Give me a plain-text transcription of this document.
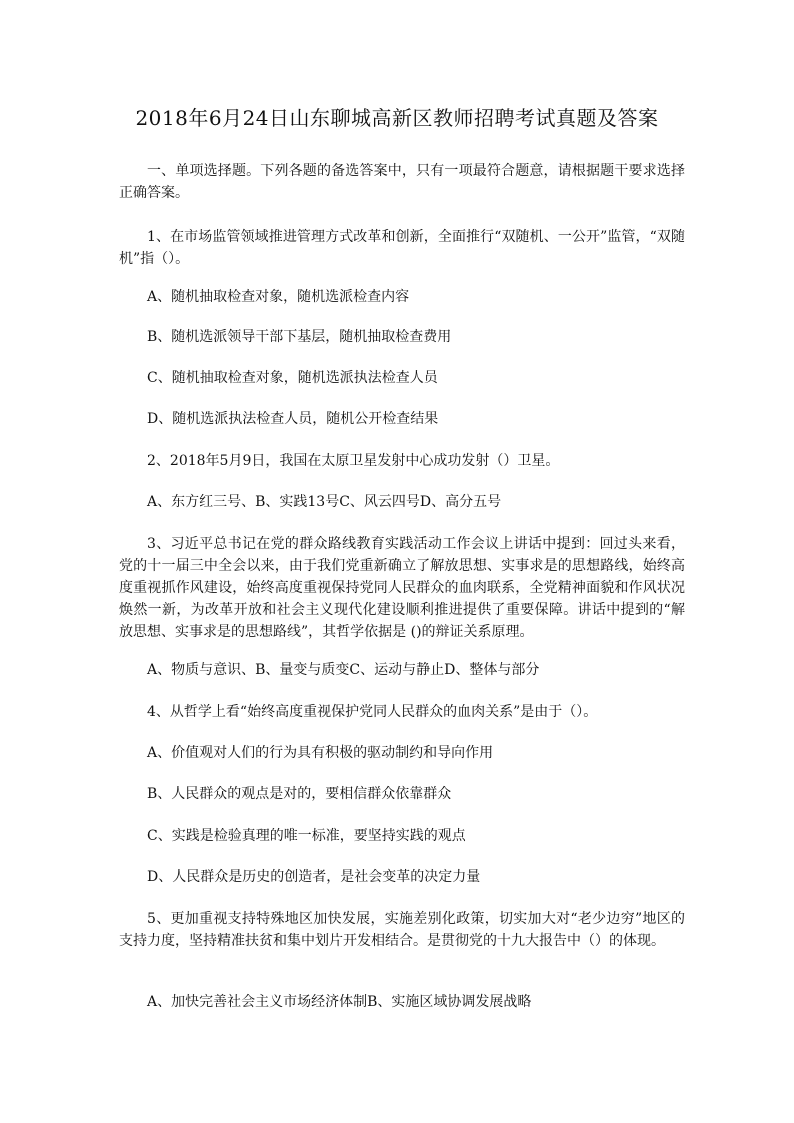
2018年6月24日山东聊城高新区教师招聘考试真题及答案

一、单项选择题。下列各题的备选答案中，只有一项最符合题意，请根据题干要求选择正确答案。

1、在市场监管领域推进管理方式改革和创新，全面推行“双随机、一公开”监管，“双随机”指（）。

A、随机抽取检查对象，随机选派检查内容

B、随机选派领导干部下基层，随机抽取检查费用

C、随机抽取检查对象，随机选派执法检查人员

D、随机选派执法检查人员，随机公开检查结果

2、2018年5月9日，我国在太原卫星发射中心成功发射（）卫星。

A、东方红三号、B、实践13号C、风云四号D、高分五号

3、习近平总书记在党的群众路线教育实践活动工作会议上讲话中提到：回过头来看，党的十一届三中全会以来，由于我们党重新确立了解放思想、实事求是的思想路线，始终高度重视抓作风建设，始终高度重视保持党同人民群众的血肉联系，全党精神面貌和作风状况焕然一新，为改革开放和社会主义现代化建设顺利推进提供了重要保障。讲话中提到的“解放思想、实事求是的思想路线”，其哲学依据是 ()的辩证关系原理。

A、物质与意识、B、量变与质变C、运动与静止D、整体与部分

4、从哲学上看“始终高度重视保护党同人民群众的血肉关系”是由于（）。

A、价值观对人们的行为具有积极的驱动制约和导向作用

B、人民群众的观点是对的，要相信群众依靠群众

C、实践是检验真理的唯一标准，要坚持实践的观点

D、人民群众是历史的创造者，是社会变革的决定力量

5、更加重视支持特殊地区加快发展，实施差别化政策，切实加大对“老少边穷”地区的支持力度，坚持精准扶贫和集中划片开发相结合。是贯彻党的十九大报告中（）的体现。

A、加快完善社会主义市场经济体制B、实施区域协调发展战略
